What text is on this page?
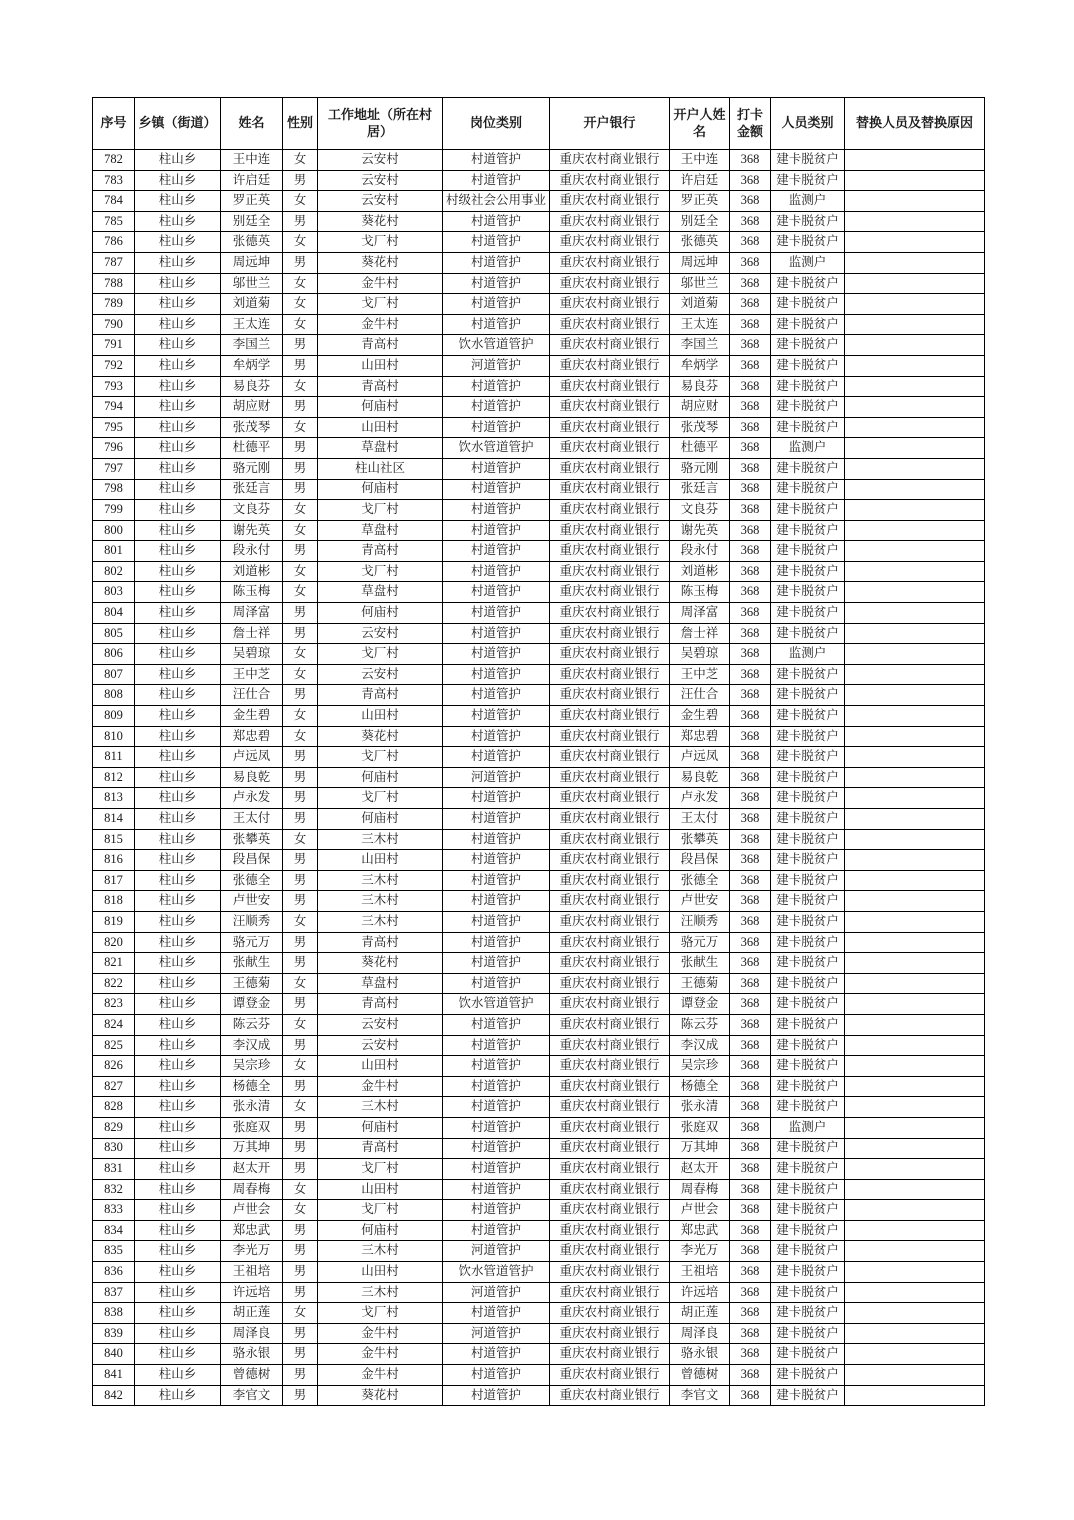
序号	乡镇（街道）	姓名	性别	工作地址（所在村居）	岗位类别	开户银行	开户人姓名	打卡金额	人员类别	替换人员及替换原因
782	柱山乡	王中连	女	云安村	村道管护	重庆农村商业银行	王中连	368	建卡脱贫户	
783	柱山乡	许启廷	男	云安村	村道管护	重庆农村商业银行	许启廷	368	建卡脱贫户	
784	柱山乡	罗正英	女	云安村	村级社会公用事业	重庆农村商业银行	罗正英	368	监测户	
785	柱山乡	别廷全	男	葵花村	村道管护	重庆农村商业银行	别廷全	368	建卡脱贫户	
786	柱山乡	张德英	女	戈厂村	村道管护	重庆农村商业银行	张德英	368	建卡脱贫户	
787	柱山乡	周远坤	男	葵花村	村道管护	重庆农村商业银行	周远坤	368	监测户	
788	柱山乡	邬世兰	女	金牛村	村道管护	重庆农村商业银行	邬世兰	368	建卡脱贫户	
789	柱山乡	刘道菊	女	戈厂村	村道管护	重庆农村商业银行	刘道菊	368	建卡脱贫户	
790	柱山乡	王太连	女	金牛村	村道管护	重庆农村商业银行	王太连	368	建卡脱贫户	
791	柱山乡	李国兰	男	青高村	饮水管道管护	重庆农村商业银行	李国兰	368	建卡脱贫户	
792	柱山乡	牟炳学	男	山田村	河道管护	重庆农村商业银行	牟炳学	368	建卡脱贫户	
793	柱山乡	易良芬	女	青高村	村道管护	重庆农村商业银行	易良芬	368	建卡脱贫户	
794	柱山乡	胡应财	男	何庙村	村道管护	重庆农村商业银行	胡应财	368	建卡脱贫户	
795	柱山乡	张茂琴	女	山田村	村道管护	重庆农村商业银行	张茂琴	368	建卡脱贫户	
796	柱山乡	杜德平	男	草盘村	饮水管道管护	重庆农村商业银行	杜德平	368	监测户	
797	柱山乡	骆元刚	男	柱山社区	村道管护	重庆农村商业银行	骆元刚	368	建卡脱贫户	
798	柱山乡	张廷言	男	何庙村	村道管护	重庆农村商业银行	张廷言	368	建卡脱贫户	
799	柱山乡	文良芬	女	戈厂村	村道管护	重庆农村商业银行	文良芬	368	建卡脱贫户	
800	柱山乡	谢先英	女	草盘村	村道管护	重庆农村商业银行	谢先英	368	建卡脱贫户	
801	柱山乡	段永付	男	青高村	村道管护	重庆农村商业银行	段永付	368	建卡脱贫户	
802	柱山乡	刘道彬	女	戈厂村	村道管护	重庆农村商业银行	刘道彬	368	建卡脱贫户	
803	柱山乡	陈玉梅	女	草盘村	村道管护	重庆农村商业银行	陈玉梅	368	建卡脱贫户	
804	柱山乡	周泽富	男	何庙村	村道管护	重庆农村商业银行	周泽富	368	建卡脱贫户	
805	柱山乡	詹士祥	男	云安村	村道管护	重庆农村商业银行	詹士祥	368	建卡脱贫户	
806	柱山乡	吴碧琼	女	戈厂村	村道管护	重庆农村商业银行	吴碧琼	368	监测户	
807	柱山乡	王中芝	女	云安村	村道管护	重庆农村商业银行	王中芝	368	建卡脱贫户	
808	柱山乡	汪仕合	男	青高村	村道管护	重庆农村商业银行	汪仕合	368	建卡脱贫户	
809	柱山乡	金生碧	女	山田村	村道管护	重庆农村商业银行	金生碧	368	建卡脱贫户	
810	柱山乡	郑忠碧	女	葵花村	村道管护	重庆农村商业银行	郑忠碧	368	建卡脱贫户	
811	柱山乡	卢远凤	男	戈厂村	村道管护	重庆农村商业银行	卢远凤	368	建卡脱贫户	
812	柱山乡	易良乾	男	何庙村	河道管护	重庆农村商业银行	易良乾	368	建卡脱贫户	
813	柱山乡	卢永发	男	戈厂村	村道管护	重庆农村商业银行	卢永发	368	建卡脱贫户	
814	柱山乡	王太付	男	何庙村	村道管护	重庆农村商业银行	王太付	368	建卡脱贫户	
815	柱山乡	张攀英	女	三木村	村道管护	重庆农村商业银行	张攀英	368	建卡脱贫户	
816	柱山乡	段昌保	男	山田村	村道管护	重庆农村商业银行	段昌保	368	建卡脱贫户	
817	柱山乡	张德全	男	三木村	村道管护	重庆农村商业银行	张德全	368	建卡脱贫户	
818	柱山乡	卢世安	男	三木村	村道管护	重庆农村商业银行	卢世安	368	建卡脱贫户	
819	柱山乡	汪顺秀	女	三木村	村道管护	重庆农村商业银行	汪顺秀	368	建卡脱贫户	
820	柱山乡	骆元万	男	青高村	村道管护	重庆农村商业银行	骆元万	368	建卡脱贫户	
821	柱山乡	张献生	男	葵花村	村道管护	重庆农村商业银行	张献生	368	建卡脱贫户	
822	柱山乡	王德菊	女	草盘村	村道管护	重庆农村商业银行	王德菊	368	建卡脱贫户	
823	柱山乡	谭登金	男	青高村	饮水管道管护	重庆农村商业银行	谭登金	368	建卡脱贫户	
824	柱山乡	陈云芬	女	云安村	村道管护	重庆农村商业银行	陈云芬	368	建卡脱贫户	
825	柱山乡	李汉成	男	云安村	村道管护	重庆农村商业银行	李汉成	368	建卡脱贫户	
826	柱山乡	吴宗珍	女	山田村	村道管护	重庆农村商业银行	吴宗珍	368	建卡脱贫户	
827	柱山乡	杨德全	男	金牛村	村道管护	重庆农村商业银行	杨德全	368	建卡脱贫户	
828	柱山乡	张永清	女	三木村	村道管护	重庆农村商业银行	张永清	368	建卡脱贫户	
829	柱山乡	张庭双	男	何庙村	村道管护	重庆农村商业银行	张庭双	368	监测户	
830	柱山乡	万其坤	男	青高村	村道管护	重庆农村商业银行	万其坤	368	建卡脱贫户	
831	柱山乡	赵太开	男	戈厂村	村道管护	重庆农村商业银行	赵太开	368	建卡脱贫户	
832	柱山乡	周春梅	女	山田村	村道管护	重庆农村商业银行	周春梅	368	建卡脱贫户	
833	柱山乡	卢世会	女	戈厂村	村道管护	重庆农村商业银行	卢世会	368	建卡脱贫户	
834	柱山乡	郑忠武	男	何庙村	村道管护	重庆农村商业银行	郑忠武	368	建卡脱贫户	
835	柱山乡	李光万	男	三木村	河道管护	重庆农村商业银行	李光万	368	建卡脱贫户	
836	柱山乡	王祖培	男	山田村	饮水管道管护	重庆农村商业银行	王祖培	368	建卡脱贫户	
837	柱山乡	许远培	男	三木村	河道管护	重庆农村商业银行	许远培	368	建卡脱贫户	
838	柱山乡	胡正莲	女	戈厂村	村道管护	重庆农村商业银行	胡正莲	368	建卡脱贫户	
839	柱山乡	周泽良	男	金牛村	河道管护	重庆农村商业银行	周泽良	368	建卡脱贫户	
840	柱山乡	骆永银	男	金牛村	村道管护	重庆农村商业银行	骆永银	368	建卡脱贫户	
841	柱山乡	曾德树	男	金牛村	村道管护	重庆农村商业银行	曾德树	368	建卡脱贫户	
842	柱山乡	李官文	男	葵花村	村道管护	重庆农村商业银行	李官文	368	建卡脱贫户	
